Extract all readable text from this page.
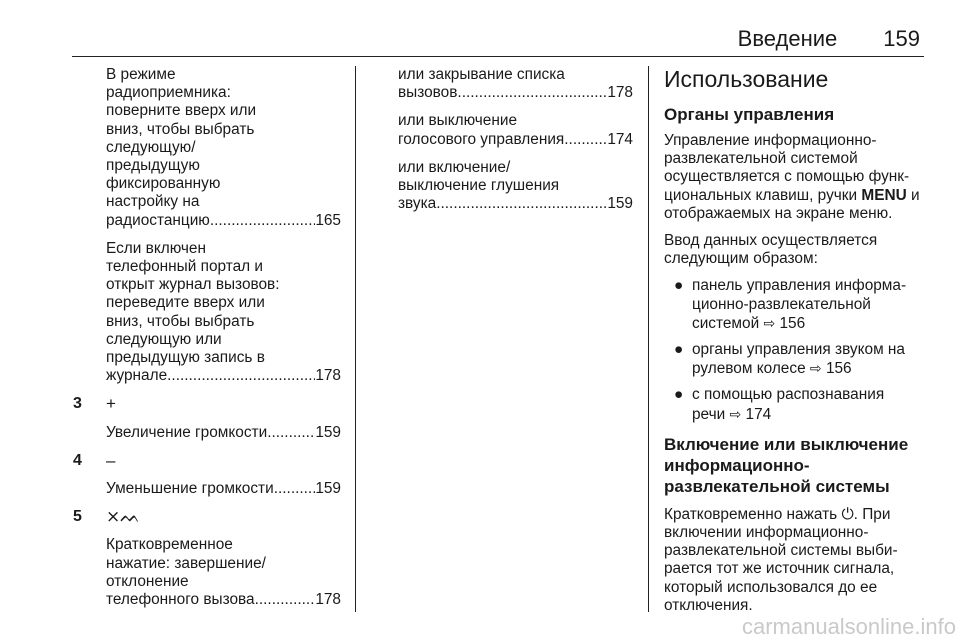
Введение 159
В режиме
радиоприемника:
поверните вверх или
вниз, чтобы выбрать
следующую/
предыдущую
фиксированную
настройку на
радиостанцию .....	165
Если включен
телефонный портал и
открыт журнал вызовов:
переведите вверх или
вниз, чтобы выбрать
следующую или
предыдущую запись в
журнале .....	178
3	+
Увеличение громкости .....	159
4	–
Уменьшение громкости .....	159
5	⨯ᨓ
Кратковременное
нажатие: завершение/
отклонение
телефонного вызова .....	178
или закрывание списка
вызовов .....	178
или выключение
голосового управления .....	174
или включение/
выключение глушения
звука .....	159
Использование
Органы управления
Управление информационно-
развлекательной системой
осуществляется с помощью функ-
циональных клавиш, ручки MENU и
отображаемых на экране меню.
Ввод данных осуществляется
следующим образом:
● панель управления информа-
ционно-развлекательной
системой ⇨ 156
● органы управления звуком на
рулевом колесе ⇨ 156
● с помощью распознавания
речи ⇨ 174
Включение или выключение
информационно-
развлекательной системы
Кратковременно нажать ⏻. При
включении информационно-
развлекательной системы выби-
рается тот же источник сигнала,
который использовался до ее
отключения.
carmanualsonline.info
